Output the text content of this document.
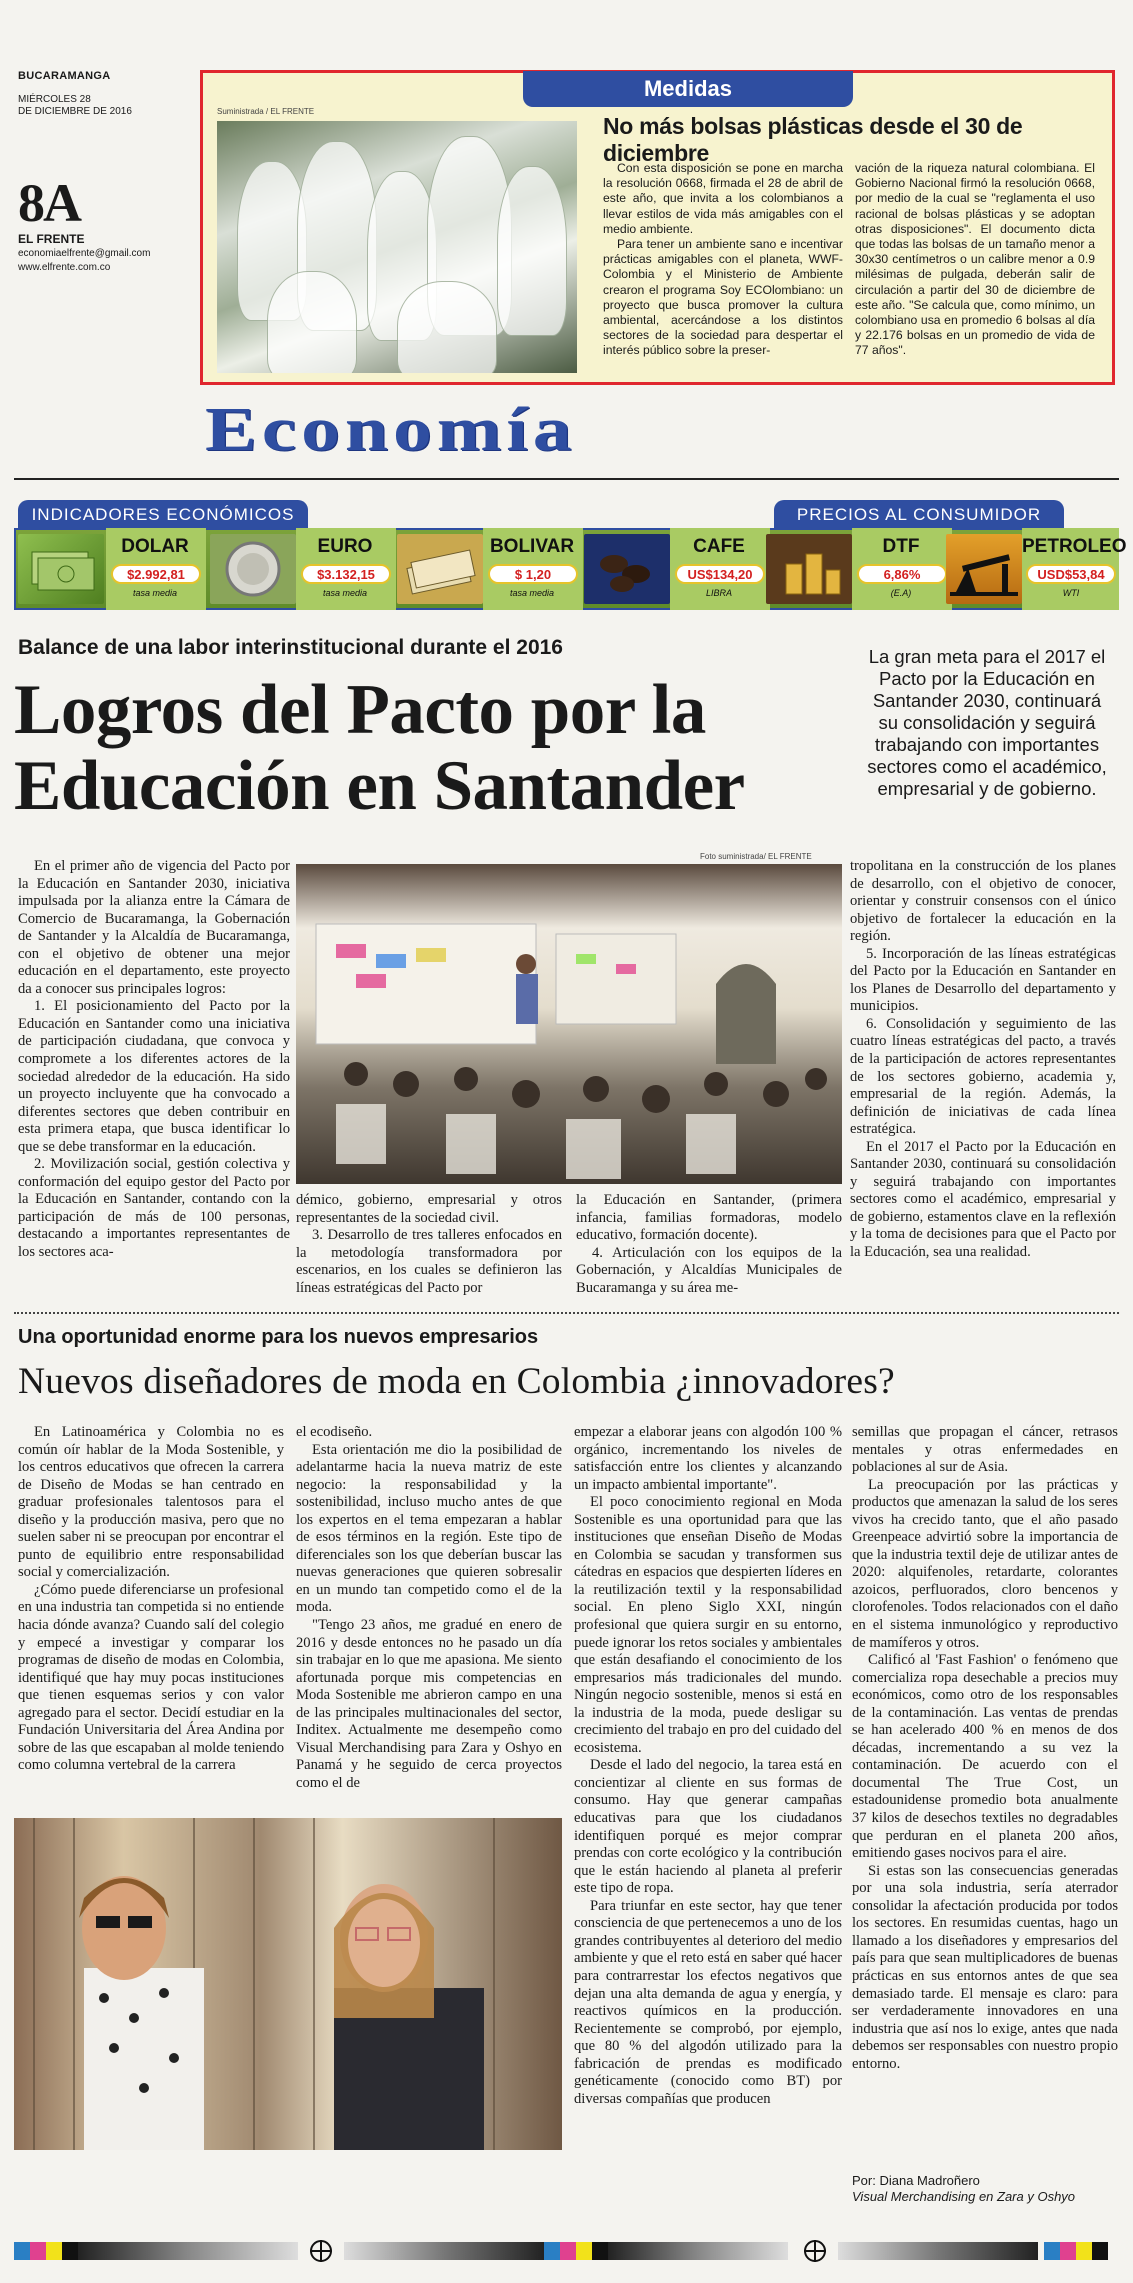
BUCARAMANGA
MIÉRCOLES 28
DE DICIEMBRE DE 2016
8A
EL FRENTE
economiaelfrente@gmail.com
www.elfrente.com.co
Medidas
Suministrada / EL FRENTE
No más bolsas plásticas desde el 30 de diciembre

Con esta disposición se pone en marcha la resolución 0668, firmada el 28 de abril de este año, que invita a los colombianos a llevar estilos de vida más amigables con el medio ambiente.

Para tener un ambiente sano e incentivar prácticas amigables con el planeta, WWF-Colombia y el Ministerio de Ambiente crearon el programa Soy ECOlombiano: un proyecto que busca promover la cultura ambiental, acercándose a los distintos sectores de la sociedad para despertar el interés público sobre la preser-

vación de la riqueza natural colombiana. El Gobierno Nacional firmó la resolución 0668, por medio de la cual se "reglamenta el uso racional de bolsas plásticas y se adoptan otras disposiciones". El documento dicta que todas las bolsas de un tamaño menor a 30x30 centímetros o un calibre menor a 0.9 milésimas de pulgada, deberán salir de circulación a partir del 30 de diciembre de este año. "Se calcula que, como mínimo, un colombiano usa en promedio 6 bolsas al día y 22.176 bolsas en un promedio de vida de 77 años".

Economía
INDICADORES ECONÓMICOS	PRECIOS AL CONSUMIDOR
DOLAR
$2.992,81
tasa media
EURO
$3.132,15
tasa media
BOLIVAR
$ 1,20
tasa media
CAFE
US$134,20
LIBRA
DTF
6,86%
(E.A)
PETROLEO
USD$53,84
WTI
Balance de una labor interinstitucional durante el 2016
Logros del Pacto por la
Educación en Santander
La gran meta para el 2017 el Pacto por la Educación en Santander 2030, continuará su consolidación y seguirá trabajando con importantes sectores como el académico, empresarial y de gobierno.

En el primer año de vigencia del Pacto por la Educación en Santander 2030, iniciativa impulsada por la alianza entre la Cámara de Comercio de Bucaramanga, la Gobernación de Santander y la Alcaldía de Bucaramanga, con el objetivo de obtener una mejor educación en el departamento, este proyecto da a conocer sus principales logros:

1. El posicionamiento del Pacto por la Educación en Santander como una iniciativa de participación ciudadana, que convoca y compromete a los diferentes actores de la sociedad alrededor de la educación. Ha sido un proyecto incluyente que ha convocado a diferentes sectores que deben contribuir en esta primera etapa, que busca identificar lo que se debe transformar en la educación.

2. Movilización social, gestión colectiva y conformación del equipo gestor del Pacto por la Educación en Santander, contando con la participación de más de 100 personas, destacando a importantes representantes de los sectores aca-

Foto suministrada/ EL FRENTE

démico, gobierno, empresarial y otros representantes de la sociedad civil.

3. Desarrollo de tres talleres enfocados en la metodología transformadora por escenarios, en los cuales se definieron las líneas estratégicas del Pacto por

la Educación en Santander, (primera infancia, familias formadoras, modelo educativo, formación docente).

4. Articulación con los equipos de la Gobernación, y Alcaldías Municipales de Bucaramanga y su área me-

tropolitana en la construcción de los planes de desarrollo, con el objetivo de conocer, orientar y construir consensos con el único objetivo de fortalecer la educación en la región.

5. Incorporación de las líneas estratégicas del Pacto por la Educación en Santander en los Planes de Desarrollo del departamento y municipios.

6. Consolidación y seguimiento de las cuatro líneas estratégicas del pacto, a través de la participación de actores representantes de los sectores gobierno, academia y, empresarial de la región. Además, la definición de iniciativas de cada línea estratégica.

En el 2017 el Pacto por la Educación en Santander 2030, continuará su consolidación y seguirá trabajando con importantes sectores como el académico, empresarial y de gobierno, estamentos clave en la reflexión y la toma de decisiones para que el Pacto por la Educación, sea una realidad.

Una oportunidad enorme para los nuevos empresarios
Nuevos diseñadores de moda en Colombia ¿innovadores?

En Latinoamérica y Colombia no es común oír hablar de la Moda Sostenible, y los centros educativos que ofrecen la carrera de Diseño de Modas se han centrado en graduar profesionales talentosos para el diseño y la producción masiva, pero que no suelen saber ni se preocupan por encontrar el punto de equilibrio entre responsabilidad social y comercialización.

¿Cómo puede diferenciarse un profesional en una industria tan competida si no entiende hacia dónde avanza? Cuando salí del colegio y empecé a investigar y comparar los programas de diseño de modas en Colombia, identifiqué que hay muy pocas instituciones que tienen esquemas serios y con valor agregado para el sector. Decidí estudiar en la Fundación Universitaria del Área Andina por sobre de las que escapaban al molde teniendo como columna vertebral de la carrera

el ecodiseño.

Esta orientación me dio la posibilidad de adelantarme hacia la nueva matriz de este negocio: la responsabilidad y la sostenibilidad, incluso mucho antes de que los expertos en el tema empezaran a hablar de esos términos en la región. Este tipo de diferenciales son los que deberían buscar las nuevas generaciones que quieren sobresalir en un mundo tan competido como el de la moda.

"Tengo 23 años, me gradué en enero de 2016 y desde entonces no he pasado un día sin trabajar en lo que me apasiona. Me siento afortunada porque mis competencias en Moda Sostenible me abrieron campo en una de las principales multinacionales del sector, Inditex. Actualmente me desempeño como Visual Merchandising para Zara y Oshyo en Panamá y he seguido de cerca proyectos como el de

empezar a elaborar jeans con algodón 100 % orgánico, incrementando los niveles de satisfacción entre los clientes y alcanzando un impacto ambiental importante".

El poco conocimiento regional en Moda Sostenible es una oportunidad para que las instituciones que enseñan Diseño de Modas en Colombia se sacudan y transformen sus cátedras en espacios que despierten líderes en la reutilización textil y la responsabilidad social. En pleno Siglo XXI, ningún profesional que quiera surgir en su entorno, puede ignorar los retos sociales y ambientales que están desafiando el conocimiento de los empresarios más tradicionales del mundo. Ningún negocio sostenible, menos si está en la industria de la moda, puede desligar su crecimiento del trabajo en pro del cuidado del ecosistema.

Desde el lado del negocio, la tarea está en concientizar al cliente en sus formas de consumo. Hay que generar campañas educativas para que los ciudadanos identifiquen porqué es mejor comprar prendas con corte ecológico y la contribución que le están haciendo al planeta al preferir este tipo de ropa.

Para triunfar en este sector, hay que tener consciencia de que pertenecemos a uno de los grandes contribuyentes al deterioro del medio ambiente y que el reto está en saber qué hacer para contrarrestar los efectos negativos que dejan una alta demanda de agua y energía, y reactivos químicos en la producción. Recientemente se comprobó, por ejemplo, que 80 % del algodón utilizado para la fabricación de prendas es modificado genéticamente (conocido como BT) por diversas compañías que producen

semillas que propagan el cáncer, retrasos mentales y otras enfermedades en poblaciones al sur de Asia.

La preocupación por las prácticas y productos que amenazan la salud de los seres vivos ha crecido tanto, que el año pasado Greenpeace advirtió sobre la importancia de que la industria textil deje de utilizar antes de 2020: alquifenoles, retardarte, colorantes azoicos, perfluorados, cloro bencenos y clorofenoles. Todos relacionados con el daño en el sistema inmunológico y reproductivo de mamíferos y otros.

Calificó al 'Fast Fashion' o fenómeno que comercializa ropa desechable a precios muy económicos, como otro de los responsables de la contaminación. Las ventas de prendas se han acelerado 400 % en menos de dos décadas, incrementando a su vez la contaminación. De acuerdo con el documental The True Cost, un estadounidense promedio bota anualmente 37 kilos de desechos textiles no degradables que perduran en el planeta 200 años, emitiendo gases nocivos para el aire.

Si estas son las consecuencias generadas por una sola industria, sería aterrador consolidar la afectación producida por todos los sectores. En resumidas cuentas, hago un llamado a los diseñadores y empresarios del país para que sean multiplicadores de buenas prácticas en sus entornos antes de que sea demasiado tarde. El mensaje es claro: para ser verdaderamente innovadores en una industria que así nos lo exige, antes que nada debemos ser responsables con nuestro propio entorno.

Por: Diana Madroñero
Visual Merchandising en Zara y Oshyo
